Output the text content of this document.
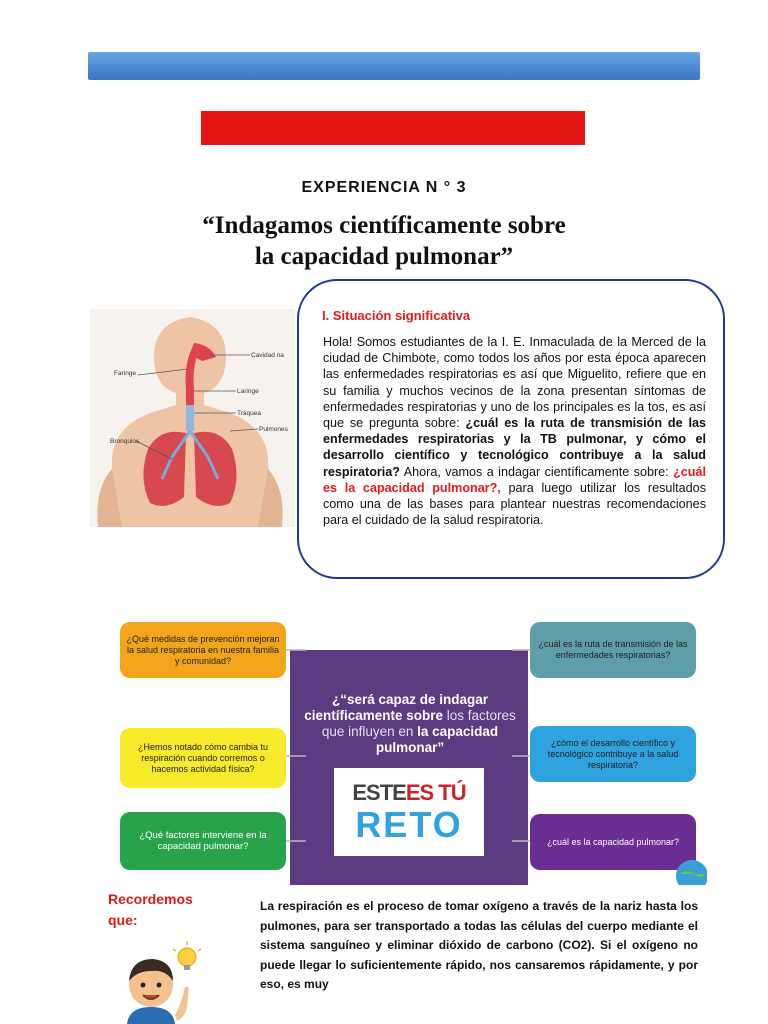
EXPERIENCIA N ° 3
“Indagamos científicamente sobre
la capacidad pulmonar”
Cavidad na
Faringe
Laringe
Tráquea
Pulmones
Bronquios
I. Situación significativa
Hola! Somos estudiantes de la I. E. Inmaculada de la Merced de la ciudad de Chimbote, como todos los años por esta época aparecen las enfermedades respiratorias es así que Miguelito, refiere que en su familia y muchos vecinos de la zona presentan síntomas de enfermedades respiratorias y uno de los principales es la tos, es así que se pregunta sobre: ¿cuál es la ruta de transmisión de las enfermedades respiratorias y la TB pulmonar, y cómo el desarrollo científico y tecnológico contribuye a la salud respiratoria? Ahora, vamos a indagar científicamente sobre: ¿cuál es la capacidad pulmonar?, para luego utilizar los resultados como una de las bases para plantear nuestras recomendaciones para el cuidado de la salud respiratoria.
¿Qué medidas de prevención mejoran la salud respiratoria en nuestra familia y comunidad?
¿Hemos notado cómo cambia tu respiración cuando corremos o hacemos actividad física?
¿Qué factores interviene en la capacidad pulmonar?
¿cuál es la ruta de transmisión de las enfermedades respiratorias?
¿cómo el desarrollo científico y tecnológico contribuye a la salud respiratoria?
¿cuál es la capacidad pulmonar?
¿“será capaz de indagar científicamente sobre los factores que influyen en la capacidad pulmonar”
ESTEES TÚ
RETO
Recordemos
que:
La respiración es el proceso de tomar oxígeno a través de la nariz hasta los pulmones, para ser transportado a todas las células del cuerpo mediante el sistema sanguíneo y eliminar dióxido de carbono (CO2). Si el oxígeno no puede llegar lo suficientemente rápido, nos cansaremos rápidamente, y por eso, es muy
